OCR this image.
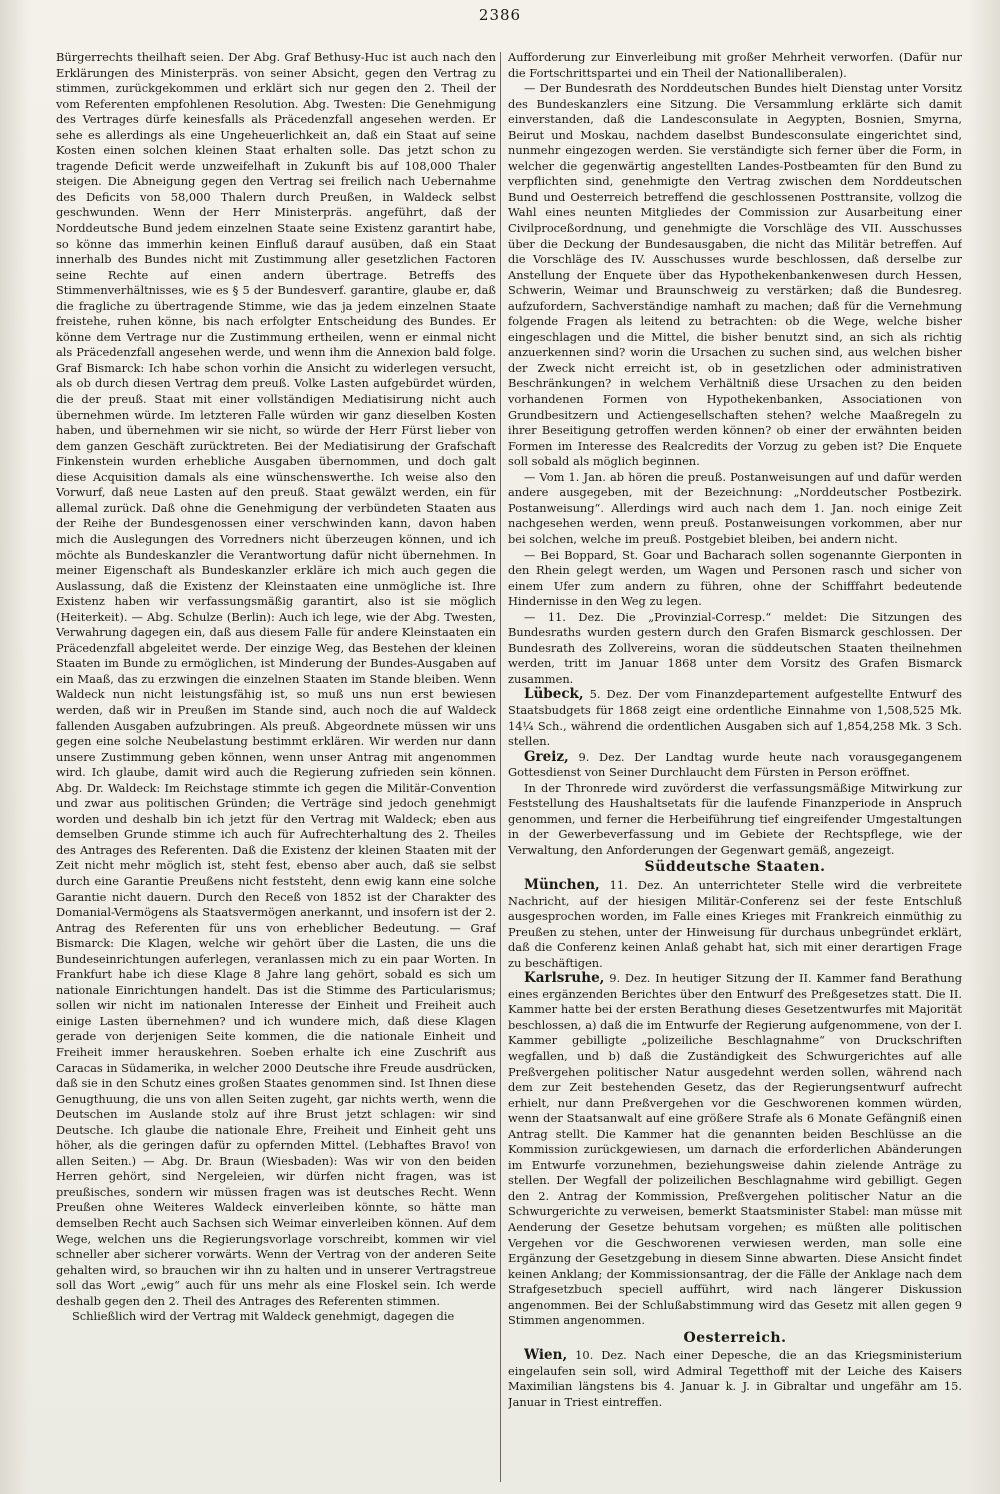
2386

Bürgerrechts theilhaft seien. Der Abg. Graf Bethusy-Huc ist auch nach den Erklärungen des Ministerpräs. von seiner Absicht, gegen den Vertrag zu stimmen, zurückgekommen und erklärt sich nur gegen den 2. Theil der vom Referenten empfohlenen Resolution. Abg. Twesten: Die Genehmigung des Vertrages dürfe keinesfalls als Präcedenzfall angesehen werden. Er sehe es allerdings als eine Ungeheuerlichkeit an, daß ein Staat auf seine Kosten einen solchen kleinen Staat erhalten solle. Das jetzt schon zu tragende Deficit werde unzweifelhaft in Zukunft bis auf 108,000 Thaler steigen. Die Abneigung gegen den Vertrag sei freilich nach Uebernahme des Deficits von 58,000 Thalern durch Preußen, in Waldeck selbst geschwunden. Wenn der Herr Ministerpräs. angeführt, daß der Norddeutsche Bund jedem einzelnen Staate seine Existenz garantirt habe, so könne das immerhin keinen Einfluß darauf ausüben, daß ein Staat innerhalb des Bundes nicht mit Zustimmung aller gesetzlichen Factoren seine Rechte auf einen andern übertrage. Betreffs des Stimmenverhältnisses, wie es § 5 der Bundesverf. garantire, glaube er, daß die fragliche zu übertragende Stimme, wie das ja jedem einzelnen Staate freistehe, ruhen könne, bis nach erfolgter Entscheidung des Bundes. Er könne dem Vertrage nur die Zustimmung ertheilen, wenn er einmal nicht als Präcedenzfall angesehen werde, und wenn ihm die Annexion bald folge. Graf Bismarck: Ich habe schon vorhin die Ansicht zu widerlegen versucht, als ob durch diesen Vertrag dem preuß. Volke Lasten aufgebürdet würden, die der preuß. Staat mit einer vollständigen Mediatisirung nicht auch übernehmen würde. Im letzteren Falle würden wir ganz dieselben Kosten haben, und übernehmen wir sie nicht, so würde der Herr Fürst lieber von dem ganzen Geschäft zurücktreten. Bei der Mediatisirung der Grafschaft Finkenstein wurden erhebliche Ausgaben übernommen, und doch galt diese Acquisition damals als eine wünschenswerthe. Ich weise also den Vorwurf, daß neue Lasten auf den preuß. Staat gewälzt werden, ein für allemal zurück. Daß ohne die Genehmigung der verbündeten Staaten aus der Reihe der Bundesgenossen einer verschwinden kann, davon haben mich die Auslegungen des Vorredners nicht überzeugen können, und ich möchte als Bundeskanzler die Verantwortung dafür nicht übernehmen. In meiner Eigenschaft als Bundeskanzler erkläre ich mich auch gegen die Auslassung, daß die Existenz der Kleinstaaten eine unmögliche ist. Ihre Existenz haben wir verfassungsmäßig garantirt, also ist sie möglich (Heiterkeit). — Abg. Schulze (Berlin): Auch ich lege, wie der Abg. Twesten, Verwahrung dagegen ein, daß aus diesem Falle für andere Kleinstaaten ein Präcedenzfall abgeleitet werde. Der einzige Weg, das Bestehen der kleinen Staaten im Bunde zu ermöglichen, ist Minderung der Bundes-Ausgaben auf ein Maaß, das zu erzwingen die einzelnen Staaten im Stande bleiben. Wenn Waldeck nun nicht leistungsfähig ist, so muß uns nun erst bewiesen werden, daß wir in Preußen im Stande sind, auch noch die auf Waldeck fallenden Ausgaben aufzubringen. Als preuß. Abgeordnete müssen wir uns gegen eine solche Neubelastung bestimmt erklären. Wir werden nur dann unsere Zustimmung geben können, wenn unser Antrag mit angenommen wird. Ich glaube, damit wird auch die Regierung zufrieden sein können. Abg. Dr. Waldeck: Im Reichstage stimmte ich gegen die Militär-Convention und zwar aus politischen Gründen; die Verträge sind jedoch genehmigt worden und deshalb bin ich jetzt für den Vertrag mit Waldeck; eben aus demselben Grunde stimme ich auch für Aufrechterhaltung des 2. Theiles des Antrages des Referenten. Daß die Existenz der kleinen Staaten mit der Zeit nicht mehr möglich ist, steht fest, ebenso aber auch, daß sie selbst durch eine Garantie Preußens nicht feststeht, denn ewig kann eine solche Garantie nicht dauern. Durch den Receß von 1852 ist der Charakter des Domanial-Vermögens als Staatsvermögen anerkannt, und insofern ist der 2. Antrag des Referenten für uns von erheblicher Bedeutung. — Graf Bismarck: Die Klagen, welche wir gehört über die Lasten, die uns die Bundeseinrichtungen auferlegen, veranlassen mich zu ein paar Worten. In Frankfurt habe ich diese Klage 8 Jahre lang gehört, sobald es sich um nationale Einrichtungen handelt. Das ist die Stimme des Particularismus; sollen wir nicht im nationalen Interesse der Einheit und Freiheit auch einige Lasten übernehmen? und ich wundere mich, daß diese Klagen gerade von derjenigen Seite kommen, die die nationale Einheit und Freiheit immer herauskehren. Soeben erhalte ich eine Zuschrift aus Caracas in Südamerika, in welcher 2000 Deutsche ihre Freude ausdrücken, daß sie in den Schutz eines großen Staates genommen sind. Ist Ihnen diese Genugthuung, die uns von allen Seiten zugeht, gar nichts werth, wenn die Deutschen im Auslande stolz auf ihre Brust jetzt schlagen: wir sind Deutsche. Ich glaube die nationale Ehre, Freiheit und Einheit geht uns höher, als die geringen dafür zu opfernden Mittel. (Lebhaftes Bravo! von allen Seiten.) — Abg. Dr. Braun (Wiesbaden): Was wir von den beiden Herren gehört, sind Nergeleien, wir dürfen nicht fragen, was ist preußisches, sondern wir müssen fragen was ist deutsches Recht. Wenn Preußen ohne Weiteres Waldeck einverleiben könnte, so hätte man demselben Recht auch Sachsen sich Weimar einverleiben können. Auf dem Wege, welchen uns die Regierungsvorlage vorschreibt, kommen wir viel schneller aber sicherer vorwärts. Wenn der Vertrag von der anderen Seite gehalten wird, so brauchen wir ihn zu halten und in unserer Vertragstreue soll das Wort „ewig“ auch für uns mehr als eine Floskel sein. Ich werde deshalb gegen den 2. Theil des Antrages des Referenten stimmen.

Schließlich wird der Vertrag mit Waldeck genehmigt, dagegen die

Aufforderung zur Einverleibung mit großer Mehrheit verworfen. (Dafür nur die Fortschrittspartei und ein Theil der Nationalliberalen).

— Der Bundesrath des Norddeutschen Bundes hielt Dienstag unter Vorsitz des Bundeskanzlers eine Sitzung. Die Versammlung erklärte sich damit einverstanden, daß die Landesconsulate in Aegypten, Bosnien, Smyrna, Beirut und Moskau, nachdem daselbst Bundesconsulate eingerichtet sind, nunmehr eingezogen werden. Sie verständigte sich ferner über die Form, in welcher die gegenwärtig angestellten Landes-Postbeamten für den Bund zu verpflichten sind, genehmigte den Vertrag zwischen dem Norddeutschen Bund und Oesterreich betreffend die geschlossenen Posttransite, vollzog die Wahl eines neunten Mitgliedes der Commission zur Ausarbeitung einer Civilproceßordnung, und genehmigte die Vorschläge des VII. Ausschusses über die Deckung der Bundesausgaben, die nicht das Militär betreffen. Auf die Vorschläge des IV. Ausschusses wurde beschlossen, daß derselbe zur Anstellung der Enquete über das Hypothekenbankenwesen durch Hessen, Schwerin, Weimar und Braunschweig zu verstärken; daß die Bundesreg. aufzufordern, Sachverständige namhaft zu machen; daß für die Vernehmung folgende Fragen als leitend zu betrachten: ob die Wege, welche bisher eingeschlagen und die Mittel, die bisher benutzt sind, an sich als richtig anzuerkennen sind? worin die Ursachen zu suchen sind, aus welchen bisher der Zweck nicht erreicht ist, ob in gesetzlichen oder administrativen Beschränkungen? in welchem Verhältniß diese Ursachen zu den beiden vorhandenen Formen von Hypothekenbanken, Associationen von Grundbesitzern und Actiengesellschaften stehen? welche Maaßregeln zu ihrer Beseitigung getroffen werden können? ob einer der erwähnten beiden Formen im Interesse des Realcredits der Vorzug zu geben ist? Die Enquete soll sobald als möglich beginnen.

— Vom 1. Jan. ab hören die preuß. Postanweisungen auf und dafür werden andere ausgegeben, mit der Bezeichnung: „Norddeutscher Postbezirk. Postanweisung“. Allerdings wird auch nach dem 1. Jan. noch einige Zeit nachgesehen werden, wenn preuß. Postanweisungen vorkommen, aber nur bei solchen, welche im preuß. Postgebiet bleiben, bei andern nicht.

— Bei Boppard, St. Goar und Bacharach sollen sogenannte Gierponten in den Rhein gelegt werden, um Wagen und Personen rasch und sicher von einem Ufer zum andern zu führen, ohne der Schifffahrt bedeutende Hindernisse in den Weg zu legen.

— 11. Dez. Die „Provinzial-Corresp.“ meldet: Die Sitzungen des Bundesraths wurden gestern durch den Grafen Bismarck geschlossen. Der Bundesrath des Zollvereins, woran die süddeutschen Staaten theilnehmen werden, tritt im Januar 1868 unter dem Vorsitz des Grafen Bismarck zusammen.

Lübeck, 5. Dez. Der vom Finanzdepartement aufgestellte Entwurf des Staatsbudgets für 1868 zeigt eine ordentliche Einnahme von 1,508,525 Mk. 14¼ Sch., während die ordentlichen Ausgaben sich auf 1,854,258 Mk. 3 Sch. stellen.

Greiz, 9. Dez. Der Landtag wurde heute nach vorausgegangenem Gottesdienst von Seiner Durchlaucht dem Fürsten in Person eröffnet.

In der Thronrede wird zuvörderst die verfassungsmäßige Mitwirkung zur Feststellung des Haushaltsetats für die laufende Finanzperiode in Anspruch genommen, und ferner die Herbeiführung tief eingreifender Umgestaltungen in der Gewerbeverfassung und im Gebiete der Rechtspflege, wie der Verwaltung, den Anforderungen der Gegenwart gemäß, angezeigt.

Süddeutsche Staaten.

München, 11. Dez. An unterrichteter Stelle wird die verbreitete Nachricht, auf der hiesigen Militär-Conferenz sei der feste Entschluß ausgesprochen worden, im Falle eines Krieges mit Frankreich einmüthig zu Preußen zu stehen, unter der Hinweisung für durchaus unbegründet erklärt, daß die Conferenz keinen Anlaß gehabt hat, sich mit einer derartigen Frage zu beschäftigen.

Karlsruhe, 9. Dez. In heutiger Sitzung der II. Kammer fand Berathung eines ergänzenden Berichtes über den Entwurf des Preßgesetzes statt. Die II. Kammer hatte bei der ersten Berathung dieses Gesetzentwurfes mit Majorität beschlossen, a) daß die im Entwurfe der Regierung aufgenommene, von der I. Kammer gebilligte „polizeiliche Beschlagnahme“ von Druckschriften wegfallen, und b) daß die Zuständigkeit des Schwurgerichtes auf alle Preßvergehen politischer Natur ausgedehnt werden sollen, während nach dem zur Zeit bestehenden Gesetz, das der Regierungsentwurf aufrecht erhielt, nur dann Preßvergehen vor die Geschworenen kommen würden, wenn der Staatsanwalt auf eine größere Strafe als 6 Monate Gefängniß einen Antrag stellt. Die Kammer hat die genannten beiden Beschlüsse an die Kommission zurückgewiesen, um darnach die erforderlichen Abänderungen im Entwurfe vorzunehmen, beziehungsweise dahin zielende Anträge zu stellen. Der Wegfall der polizeilichen Beschlagnahme wird gebilligt. Gegen den 2. Antrag der Kommission, Preßvergehen politischer Natur an die Schwurgerichte zu verweisen, bemerkt Staatsminister Stabel: man müsse mit Aenderung der Gesetze behutsam vorgehen; es müßten alle politischen Vergehen vor die Geschworenen verwiesen werden, man solle eine Ergänzung der Gesetzgebung in diesem Sinne abwarten. Diese Ansicht findet keinen Anklang; der Kommissionsantrag, der die Fälle der Anklage nach dem Strafgesetzbuch speciell aufführt, wird nach längerer Diskussion angenommen. Bei der Schlußabstimmung wird das Gesetz mit allen gegen 9 Stimmen angenommen.

Oesterreich.

Wien, 10. Dez. Nach einer Depesche, die an das Kriegsministerium eingelaufen sein soll, wird Admiral Tegetthoff mit der Leiche des Kaisers Maximilian längstens bis 4. Januar k. J. in Gibraltar und ungefähr am 15. Januar in Triest eintreffen.
